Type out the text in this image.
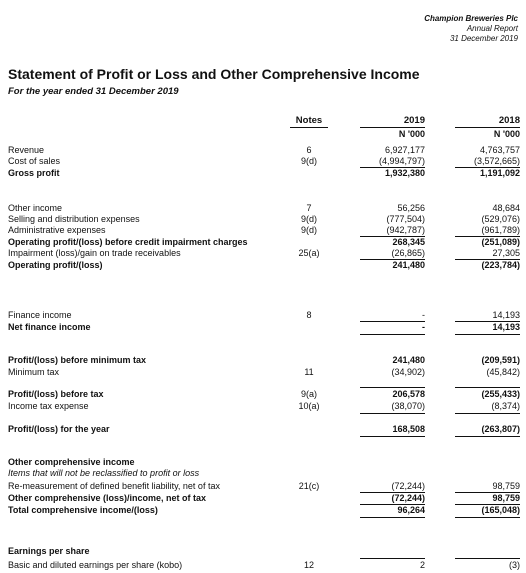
Champion Breweries Plc
Annual Report
31 December 2019
Statement of Profit or Loss and Other Comprehensive Income
For the year ended 31 December 2019
Notes	2019	2018
N '000	N '000
Revenue	6	6,927,177	4,763,757
Cost of sales	9(d)	(4,994,797)	(3,572,665)
Gross profit	1,932,380	1,191,092
Other income	7	56,256	48,684
Selling and distribution expenses	9(d)	(777,504)	(529,076)
Administrative expenses	9(d)	(942,787)	(961,789)
Operating profit/(loss) before credit impairment charges	268,345	(251,089)
Impairment (loss)/gain on trade receivables	25(a)	(26,865)	27,305
Operating profit/(loss)	241,480	(223,784)
Finance income	8	-	14,193
Net finance income	-	14,193
Profit/(loss) before minimum tax	241,480	(209,591)
Minimum tax	11	(34,902)	(45,842)
Profit/(loss) before tax	9(a)	206,578	(255,433)
Income tax expense	10(a)	(38,070)	(8,374)
Profit/(loss) for the year	168,508	(263,807)
Other comprehensive income
Items that will not be reclassified to profit or loss
Re-measurement of defined benefit liability, net of tax	21(c)	(72,244)	98,759
Other comprehensive (loss)/income, net of tax	(72,244)	98,759
Total comprehensive income/(loss)	96,264	(165,048)
Earnings per share
Basic and diluted earnings per share (kobo)	12	2	(3)
